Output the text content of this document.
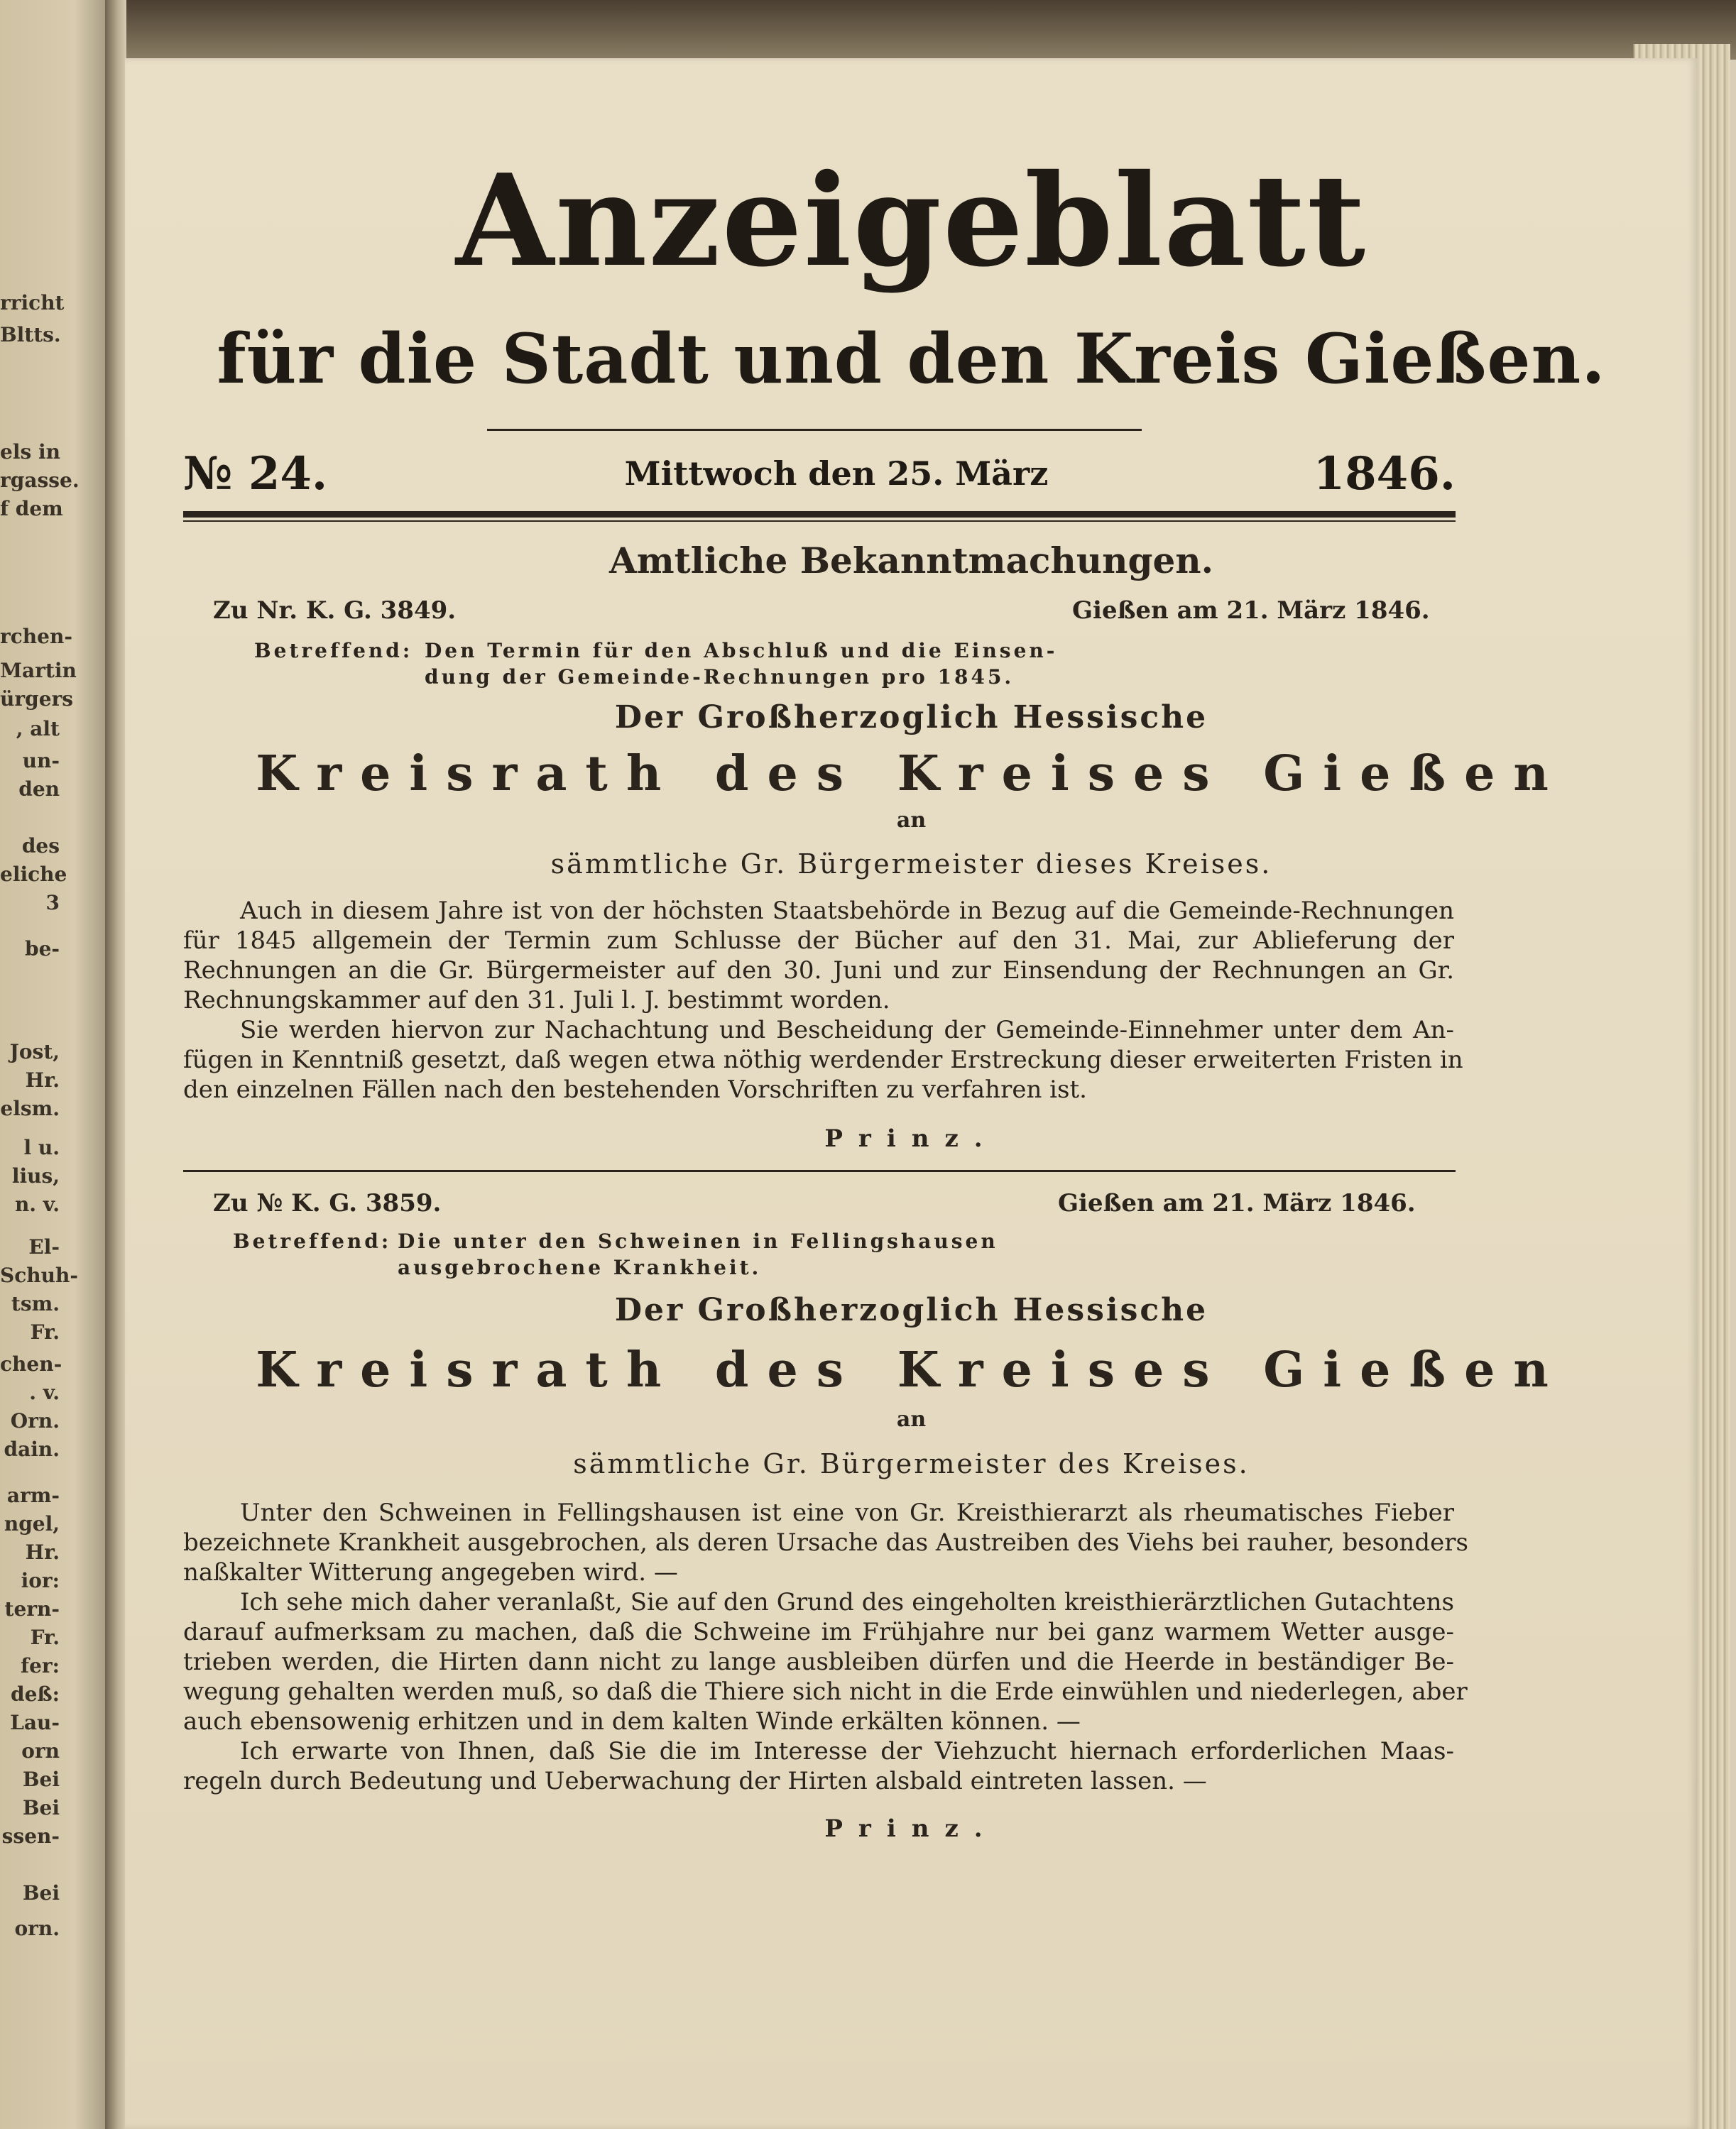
Anzeigeblatt
für die Stadt und den Kreis Gießen.
№ 24.	Mittwoch den 25. März	1846.
Amtliche Bekanntmachungen.
Zu Nr. K. G. 3849.	Gießen am 21. März 1846.
Betreffend: Den Termin für den Abschluß und die Einsen-
dung der Gemeinde-Rechnungen pro 1845.
Der Großherzoglich Hessische
Kreisrath des Kreises Gießen
an
sämmtliche Gr. Bürgermeister dieses Kreises.

Auch in diesem Jahre ist von der höchsten Staatsbehörde in Bezug auf die Gemeinde-Rechnungen
für 1845 allgemein der Termin zum Schlusse der Bücher auf den 31. Mai, zur Ablieferung der
Rechnungen an die Gr. Bürgermeister auf den 30. Juni und zur Einsendung der Rechnungen an Gr.
Rechnungskammer auf den 31. Juli l. J. bestimmt worden.

Sie werden hiervon zur Nachachtung und Bescheidung der Gemeinde-Einnehmer unter dem An-
fügen in Kenntniß gesetzt, daß wegen etwa nöthig werdender Erstreckung dieser erweiterten Fristen in
den einzelnen Fällen nach den bestehenden Vorschriften zu verfahren ist.

Prinz.
Zu № K. G. 3859.	Gießen am 21. März 1846.
Betreffend: Die unter den Schweinen in Fellingshausen
ausgebrochene Krankheit.
Der Großherzoglich Hessische
Kreisrath des Kreises Gießen
an
sämmtliche Gr. Bürgermeister des Kreises.

Unter den Schweinen in Fellingshausen ist eine von Gr. Kreisthierarzt als rheumatisches Fieber
bezeichnete Krankheit ausgebrochen, als deren Ursache das Austreiben des Viehs bei rauher, besonders
naßkalter Witterung angegeben wird. —

Ich sehe mich daher veranlaßt, Sie auf den Grund des eingeholten kreisthierärztlichen Gutachtens
darauf aufmerksam zu machen, daß die Schweine im Frühjahre nur bei ganz warmem Wetter ausge-
trieben werden, die Hirten dann nicht zu lange ausbleiben dürfen und die Heerde in beständiger Be-
wegung gehalten werden muß, so daß die Thiere sich nicht in die Erde einwühlen und niederlegen, aber
auch ebensowenig erhitzen und in dem kalten Winde erkälten können. —

Ich erwarte von Ihnen, daß Sie die im Interesse der Viehzucht hiernach erforderlichen Maas-
regeln durch Bedeutung und Ueberwachung der Hirten alsbald eintreten lassen. —

Prinz.
rricht
Bltts.
els in
rgasse.
f dem
rchen-
Martin
ürgers
, alt
un-
den
des
eliche
3
be-
Jost,
Hr.
elsm.
l u.
lius,
n. v.
El-
Schuh-
tsm.
Fr.
chen-
. v.
Orn.
dain.
arm-
ngel,
Hr.
ior:
tern-
Fr.
fer:
deß:
Lau-
orn
Bei
Bei
ssen-
Bei
orn.
